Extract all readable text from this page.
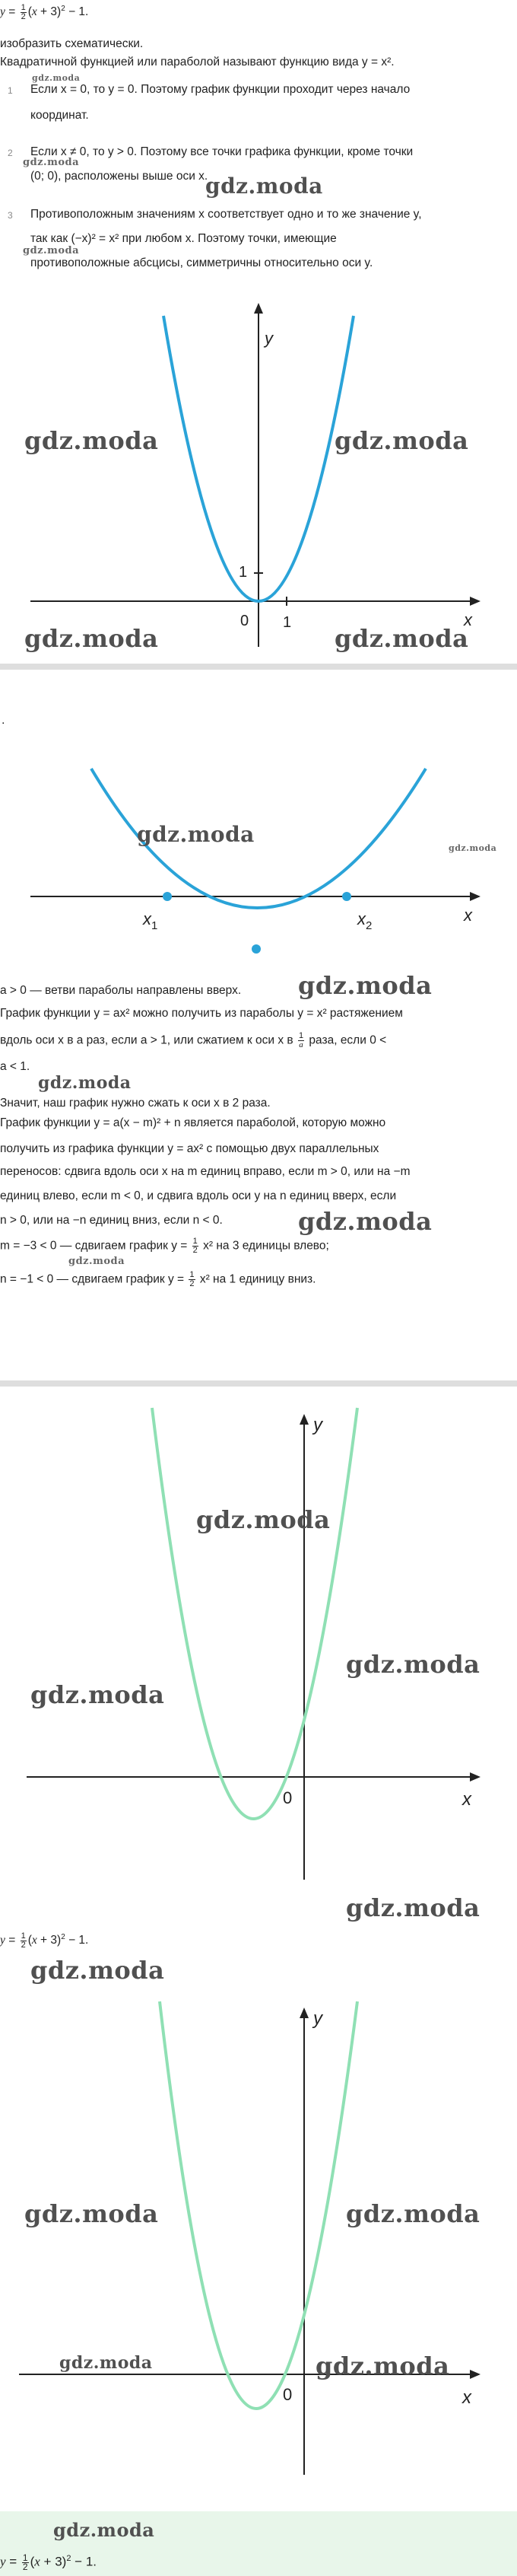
$y = \frac{1}{2} (x + 3)^2 - 1$.
изобразить схематически.
Квадратичной функцией или параболой называют функцию вида y = x².
gdz.moda
1	Если x = 0, то y = 0. Поэтому график функции проходит через начало
координат.
2	Если x ≠ 0, то y > 0. Поэтому все точки графика функции, кроме точки
gdz.moda
gdz.moda
(0; 0), расположены выше оси x.
3	Противоположным значениям x соответствует одно и то же значение y,
так как (−x)² = x² при любом x. Поэтому точки, имеющие
gdz.moda
противоположные абсцисы, симметричны относительно оси y.
y
x
0 1
1
gdz.moda	gdz.moda
gdz.moda	gdz.moda
.
$x_1$	$x_2$
x
gdz.moda
gdz.moda
a > 0 — ветви параболы направлены вверх. gdz.moda
График функции y = ax² можно получить из параболы y = x² растяжением
вдоль оси x в a раз, если a > 1, или сжатием к оси x в $\frac{1}{a}$ раза, если 0 <
a < 1.
gdz.moda
Значит, наш график нужно сжать к оси x в 2 раза.
График функции y = a(x − m)² + n является параболой, которую можно
получить из графика функции y = ax² с помощью двух параллельных
переносов: сдвига вдоль оси x на m единиц вправо, если m > 0, или на −m
единиц влево, если m < 0, и сдвига вдоль оси y на n единиц вверх, если
n > 0, или на −n единиц вниз, если n < 0.	gdz.moda
m = −3 < 0 — сдвигаем график $y = \frac{1}{2} x^2$ на 3 единицы влево;
gdz.moda
n = −1 < 0 — сдвигаем график $y = \frac{1}{2} x^2$ на 1 единицу вниз.
y
x
0
gdz.moda
gdz.moda
gdz.moda
gdz.moda
$y = \frac{1}{2} (x + 3)^2 - 1$.
gdz.moda
y
x
0
gdz.moda	gdz.moda
gdz.moda	gdz.moda
gdz.moda
$y = \frac{1}{2} (x + 3)^2 - 1$.
